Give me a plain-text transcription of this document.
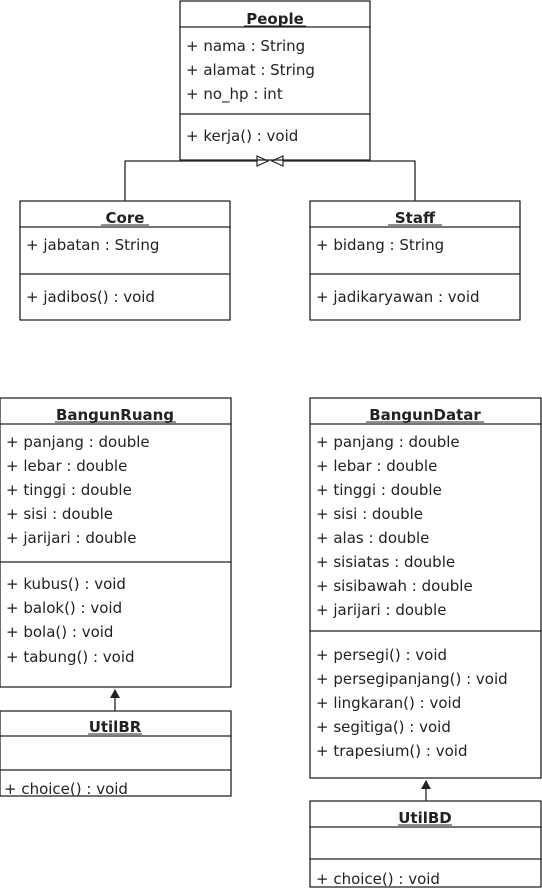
People
+ nama : String
+ alamat : String
+ no_hp : int
+ kerja() : void
Core
+ jabatan : String
+ jadibos() : void
Staff
+ bidang : String
+ jadikaryawan : void
BangunRuang
+ panjang : double
+ lebar : double
+ tinggi : double
+ sisi : double
+ jarijari : double
+ kubus() : void
+ balok() : void
+ bola() : void
+ tabung() : void
UtilBR
+ choice() : void
BangunDatar
+ panjang : double
+ lebar : double
+ tinggi : double
+ sisi : double
+ alas : double
+ sisiatas : double
+ sisibawah : double
+ jarijari : double
+ persegi() : void
+ persegipanjang() : void
+ lingkaran() : void
+ segitiga() : void
+ trapesium() : void
UtilBD
+ choice() : void
